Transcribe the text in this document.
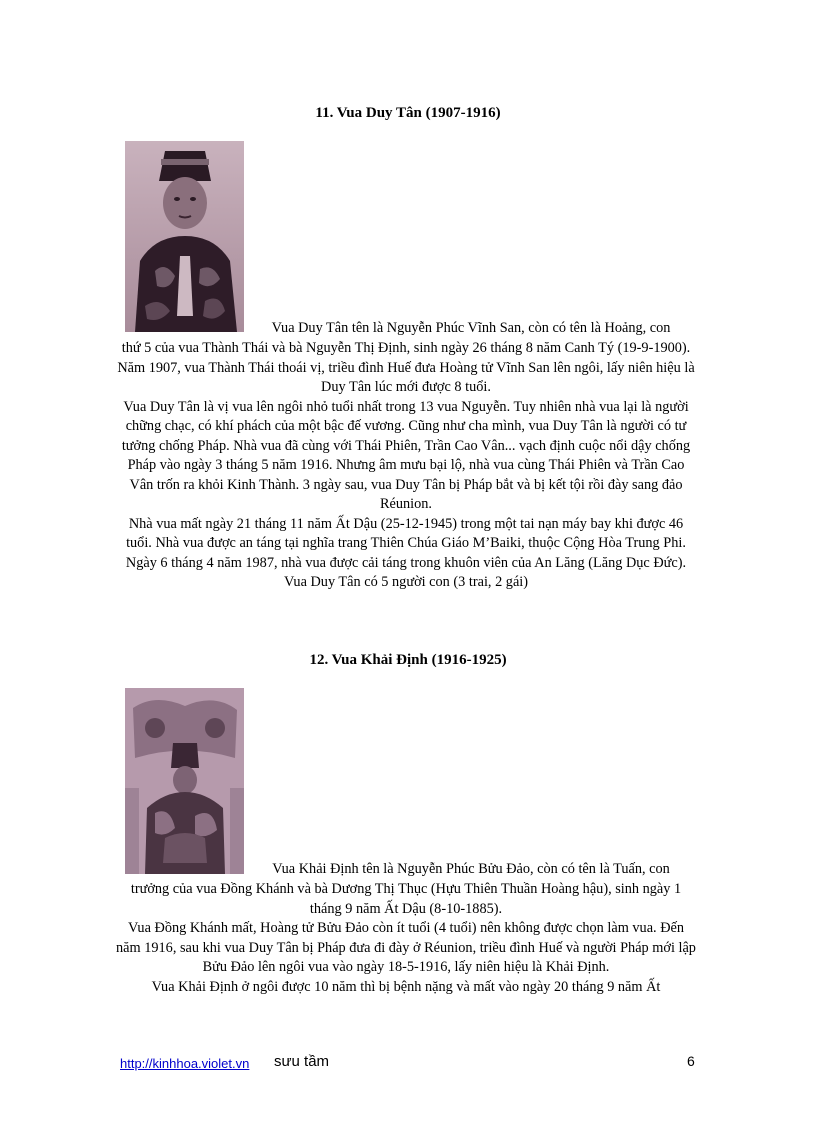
11. Vua Duy Tân (1907-1916)
Vua Duy Tân tên là Nguyễn Phúc Vĩnh San, còn có tên là Hoảng, con

thứ 5 của vua Thành Thái và bà Nguyễn Thị Định, sinh ngày 26 tháng 8 năm Canh Tý (19-9-1900).

Năm 1907, vua Thành Thái thoái vị, triều đình Huế đưa Hoàng tử Vĩnh San lên ngôi, lấy niên hiệu là Duy Tân lúc mới được 8 tuổi.

Vua Duy Tân là vị vua lên ngôi nhỏ tuổi nhất trong 13 vua Nguyễn. Tuy nhiên nhà vua lại là người chững chạc, có khí phách của một bậc đế vương. Cũng như cha mình, vua Duy Tân là người có tư tưởng chống Pháp. Nhà vua đã cùng với Thái Phiên, Trần Cao Vân... vạch định cuộc nổi dậy chống Pháp vào ngày 3 tháng 5 năm 1916. Nhưng âm mưu bại lộ, nhà vua cùng Thái Phiên và Trần Cao Vân trốn ra khỏi Kinh Thành. 3 ngày sau, vua Duy Tân bị Pháp bắt và bị kết tội rồi đày sang đảo Réunion.

Nhà vua mất ngày 21 tháng 11 năm Ất Dậu (25-12-1945) trong một tai nạn máy bay khi được 46 tuổi. Nhà vua được an táng tại nghĩa trang Thiên Chúa Giáo M’Baiki, thuộc Cộng Hòa Trung Phi. Ngày 6 tháng 4 năm 1987, nhà vua được cải táng trong khuôn viên của An Lăng (Lăng Dục Đức).

Vua Duy Tân có 5 người con (3 trai, 2 gái)

12. Vua Khải Định (1916-1925)
Vua Khải Định tên là Nguyễn Phúc Bửu Đảo, còn có tên là Tuấn, con

trưởng của vua Đồng Khánh và bà Dương Thị Thục (Hựu Thiên Thuần Hoàng hậu), sinh ngày 1 tháng 9 năm Ất Dậu (8-10-1885).

Vua Đồng Khánh mất, Hoàng tử Bửu Đảo còn ít tuổi (4 tuổi) nên không được chọn làm vua. Đến năm 1916, sau khi vua Duy Tân bị Pháp đưa đi đày ở Réunion, triều đình Huế và người Pháp mới lập Bửu Đảo lên ngôi vua vào ngày 18-5-1916, lấy niên hiệu là Khải Định.

Vua Khải Định ở ngôi được 10 năm thì bị bệnh nặng và mất vào ngày 20 tháng 9 năm Ất

http://kinhhoa.violet.vn sưu tầm	6
